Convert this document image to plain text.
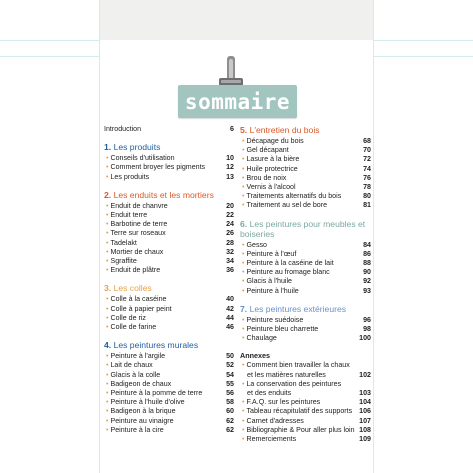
sommaire
Introduction	6
1. Les produits
• Conseils d'utilisation	10
• Comment broyer les pigments	12
• Les produits	13
2. Les enduits et les mortiers
• Enduit de chanvre	20
• Enduit terre	22
• Barbotine de terre	24
• Terre sur roseaux	26
• Tadelakt	28
• Mortier de chaux	32
• Sgraffite	34
• Enduit de plâtre	36
3. Les colles
• Colle à la caséine	40
• Colle à papier peint	42
• Colle de riz	44
• Colle de farine	46
4. Les peintures murales
• Peinture à l'argile	50
• Lait de chaux	52
• Glacis à la colle	54
• Badigeon de chaux	55
• Peinture à la pomme de terre	56
• Peinture à l'huile d'olive	58
• Badigeon à la brique	60
• Peinture au vinaigre	62
• Peinture à la cire	62
5. L'entretien du bois
• Décapage du bois	68
• Gel décapant	70
• Lasure à la bière	72
• Huile protectrice	74
• Brou de noix	76
• Vernis à l'alcool	78
• Traitements alternatifs du bois	80
• Traitement au sel de bore	81
6. Les peintures pour meubles et boiseries
• Gesso	84
• Peinture à l'œuf	86
• Peinture à la caséine de lait	88
• Peinture au fromage blanc	90
• Glacis à l'huile	92
• Peinture à l'huile	93
7. Les peintures extérieures
• Peinture suédoise	96
• Peinture bleu charrette	98
• Chaulage	100
Annexes
• Comment bien travailler la chaux
et les matières naturelles	102
• La conservation des peintures
et des enduits	103
• F.A.Q. sur les peintures	104
• Tableau récapitulatif des supports 106
• Carnet d'adresses	107
• Bibliographie & Pour aller plus loin 108
• Remerciements	109
